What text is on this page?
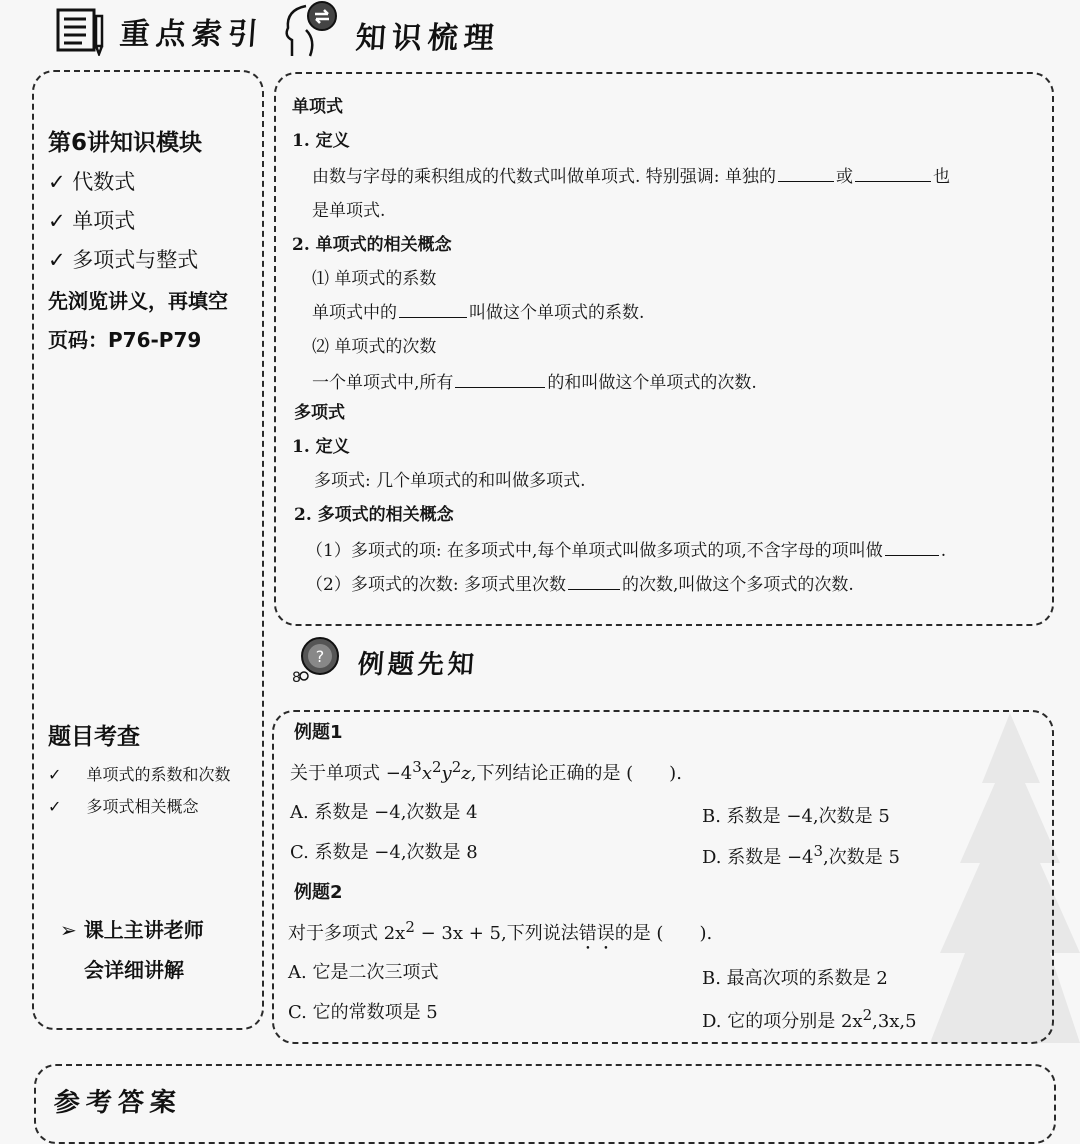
重点索引	知识梳理
第6讲知识模块
✓ 代数式
✓ 单项式
✓ 多项式与整式
先浏览讲义，再填空
页码：P76-P79
题目考查
✓ 单项式的系数和次数
✓ 多项式相关概念
➢ 课上主讲老师
会详细讲解
单项式
1. 定义
由数与字母的乘积组成的代数式叫做单项式. 特别强调: 单独的	或	也
是单项式.
2. 单项式的相关概念
⑴ 单项式的系数
单项式中的	叫做这个单项式的系数.
⑵ 单项式的次数
一个单项式中,所有	的和叫做这个单项式的次数.
多项式
1. 定义
多项式: 几个单项式的和叫做多项式.
2. 多项式的相关概念
（1）多项式的项: 在多项式中,每个单项式叫做多项式的项,不含字母的项叫做	.
（2）多项式的次数: 多项式里次数	的次数,叫做这个多项式的次数.
?
8 例题先知
例题1
关于单项式 $-4^3x^2y^2z$,下列结论正确的是 (　　).
A. 系数是 −4,次数是 4	B. 系数是 −4,次数是 5
C. 系数是 −4,次数是 8	D. 系数是 $-4^3$,次数是 5
例题2
对于多项式 $2x^2 - 3x + 5$,下列说法错误的是 (　　).
A. 它是二次三项式	B. 最高次项的系数是 2
C. 它的常数项是 5	D. 它的项分别是 $2x^2,3x,5$
参考答案
